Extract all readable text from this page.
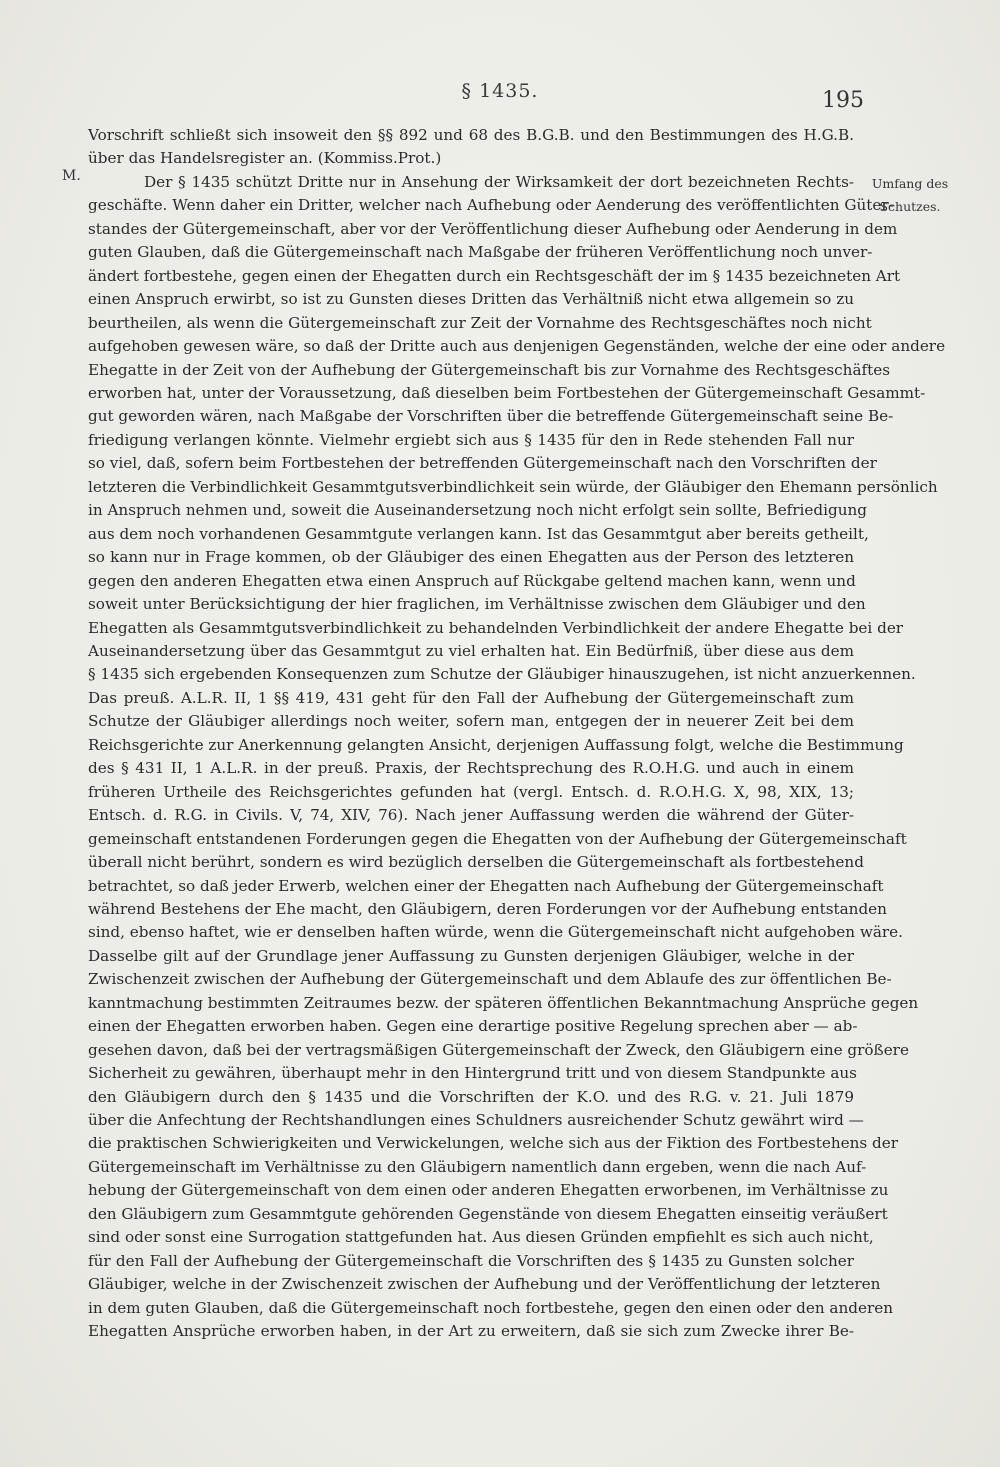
§ 1435.	195
M.	Umfang des
Schutzes.

Vorschrift schließt sich insoweit den §§ 892 und 68 des B.G.B. und den Bestimmungen des H.G.B.

über das Handelsregister an. (Kommiss.Prot.)

Der § 1435 schützt Dritte nur in Ansehung der Wirksamkeit der dort bezeichneten Rechts-

geschäfte. Wenn daher ein Dritter, welcher nach Aufhebung oder Aenderung des veröffentlichten Güter-

standes der Gütergemeinschaft, aber vor der Veröffentlichung dieser Aufhebung oder Aenderung in dem

guten Glauben, daß die Gütergemeinschaft nach Maßgabe der früheren Veröffentlichung noch unver-

ändert fortbestehe, gegen einen der Ehegatten durch ein Rechtsgeschäft der im § 1435 bezeichneten Art

einen Anspruch erwirbt, so ist zu Gunsten dieses Dritten das Verhältniß nicht etwa allgemein so zu

beurtheilen, als wenn die Gütergemeinschaft zur Zeit der Vornahme des Rechtsgeschäftes noch nicht

aufgehoben gewesen wäre, so daß der Dritte auch aus denjenigen Gegenständen, welche der eine oder andere

Ehegatte in der Zeit von der Aufhebung der Gütergemeinschaft bis zur Vornahme des Rechtsgeschäftes

erworben hat, unter der Voraussetzung, daß dieselben beim Fortbestehen der Gütergemeinschaft Gesammt-

gut geworden wären, nach Maßgabe der Vorschriften über die betreffende Gütergemeinschaft seine Be-

friedigung verlangen könnte. Vielmehr ergiebt sich aus § 1435 für den in Rede stehenden Fall nur

so viel, daß, sofern beim Fortbestehen der betreffenden Gütergemeinschaft nach den Vorschriften der

letzteren die Verbindlichkeit Gesammtgutsverbindlichkeit sein würde, der Gläubiger den Ehemann persönlich

in Anspruch nehmen und, soweit die Auseinandersetzung noch nicht erfolgt sein sollte, Befriedigung

aus dem noch vorhandenen Gesammtgute verlangen kann. Ist das Gesammtgut aber bereits getheilt,

so kann nur in Frage kommen, ob der Gläubiger des einen Ehegatten aus der Person des letzteren

gegen den anderen Ehegatten etwa einen Anspruch auf Rückgabe geltend machen kann, wenn und

soweit unter Berücksichtigung der hier fraglichen, im Verhältnisse zwischen dem Gläubiger und den

Ehegatten als Gesammtgutsverbindlichkeit zu behandelnden Verbindlichkeit der andere Ehegatte bei der

Auseinandersetzung über das Gesammtgut zu viel erhalten hat. Ein Bedürfniß, über diese aus dem

§ 1435 sich ergebenden Konsequenzen zum Schutze der Gläubiger hinauszugehen, ist nicht anzuerkennen.

Das preuß. A.L.R. II, 1 §§ 419, 431 geht für den Fall der Aufhebung der Gütergemeinschaft zum

Schutze der Gläubiger allerdings noch weiter, sofern man, entgegen der in neuerer Zeit bei dem

Reichsgerichte zur Anerkennung gelangten Ansicht, derjenigen Auffassung folgt, welche die Bestimmung

des § 431 II, 1 A.L.R. in der preuß. Praxis, der Rechtsprechung des R.O.H.G. und auch in einem

früheren Urtheile des Reichsgerichtes gefunden hat (vergl. Entsch. d. R.O.H.G. X, 98, XIX, 13;

Entsch. d. R.G. in Civils. V, 74, XIV, 76). Nach jener Auffassung werden die während der Güter-

gemeinschaft entstandenen Forderungen gegen die Ehegatten von der Aufhebung der Gütergemeinschaft

überall nicht berührt, sondern es wird bezüglich derselben die Gütergemeinschaft als fortbestehend

betrachtet, so daß jeder Erwerb, welchen einer der Ehegatten nach Aufhebung der Gütergemeinschaft

während Bestehens der Ehe macht, den Gläubigern, deren Forderungen vor der Aufhebung entstanden

sind, ebenso haftet, wie er denselben haften würde, wenn die Gütergemeinschaft nicht aufgehoben wäre.

Dasselbe gilt auf der Grundlage jener Auffassung zu Gunsten derjenigen Gläubiger, welche in der

Zwischenzeit zwischen der Aufhebung der Gütergemeinschaft und dem Ablaufe des zur öffentlichen Be-

kanntmachung bestimmten Zeitraumes bezw. der späteren öffentlichen Bekanntmachung Ansprüche gegen

einen der Ehegatten erworben haben. Gegen eine derartige positive Regelung sprechen aber — ab-

gesehen davon, daß bei der vertragsmäßigen Gütergemeinschaft der Zweck, den Gläubigern eine größere

Sicherheit zu gewähren, überhaupt mehr in den Hintergrund tritt und von diesem Standpunkte aus

den Gläubigern durch den § 1435 und die Vorschriften der K.O. und des R.G. v. 21. Juli 1879

über die Anfechtung der Rechtshandlungen eines Schuldners ausreichender Schutz gewährt wird —

die praktischen Schwierigkeiten und Verwickelungen, welche sich aus der Fiktion des Fortbestehens der

Gütergemeinschaft im Verhältnisse zu den Gläubigern namentlich dann ergeben, wenn die nach Auf-

hebung der Gütergemeinschaft von dem einen oder anderen Ehegatten erworbenen, im Verhältnisse zu

den Gläubigern zum Gesammtgute gehörenden Gegenstände von diesem Ehegatten einseitig veräußert

sind oder sonst eine Surrogation stattgefunden hat. Aus diesen Gründen empfiehlt es sich auch nicht,

für den Fall der Aufhebung der Gütergemeinschaft die Vorschriften des § 1435 zu Gunsten solcher

Gläubiger, welche in der Zwischenzeit zwischen der Aufhebung und der Veröffentlichung der letzteren

in dem guten Glauben, daß die Gütergemeinschaft noch fortbestehe, gegen den einen oder den anderen

Ehegatten Ansprüche erworben haben, in der Art zu erweitern, daß sie sich zum Zwecke ihrer Be-
